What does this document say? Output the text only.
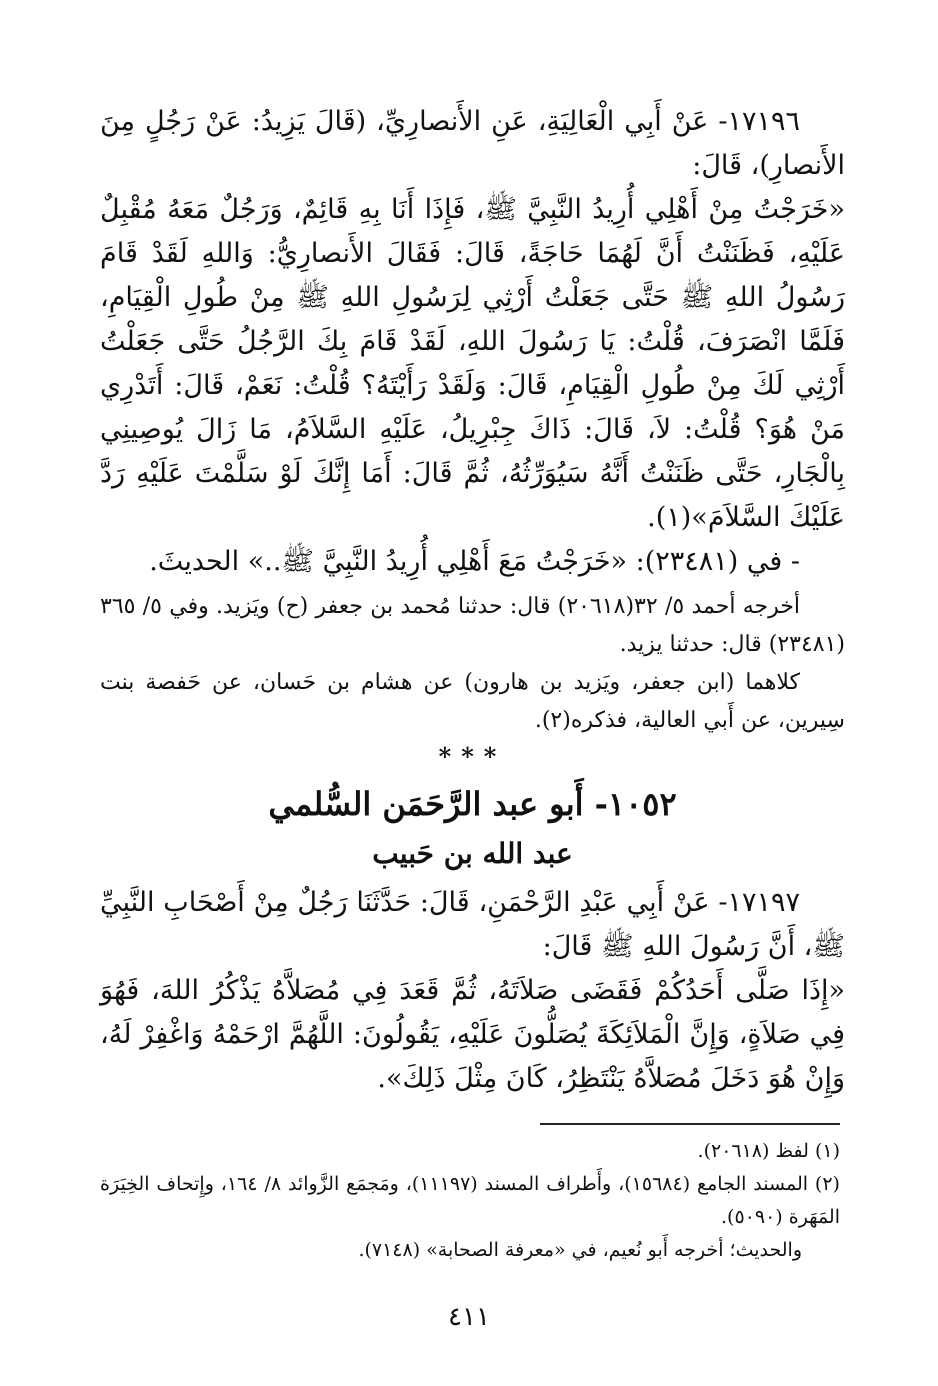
١٧١٩٦- عَنْ أَبِي الْعَالِيَةِ، عَنِ الأَنصارِيِّ، (قَالَ يَزِيدُ: عَنْ رَجُلٍ مِنَ الأَنصارِ)، قَالَ:

«خَرَجْتُ مِنْ أَهْلِي أُرِيدُ النَّبِيَّ ﷺ، فَإِذَا أَنَا بِهِ قَائِمٌ، وَرَجُلٌ مَعَهُ مُقْبِلٌ عَلَيْهِ، فَظَنَنْتُ أَنَّ لَهُمَا حَاجَةً، قَالَ: فَقَالَ الأَنصارِيُّ: وَاللهِ لَقَدْ قَامَ رَسُولُ اللهِ ﷺ حَتَّى جَعَلْتُ أَرْثِي لِرَسُولِ اللهِ ﷺ مِنْ طُولِ الْقِيَامِ، فَلَمَّا انْصَرَفَ، قُلْتُ: يَا رَسُولَ اللهِ، لَقَدْ قَامَ بِكَ الرَّجُلُ حَتَّى جَعَلْتُ أَرْثِي لَكَ مِنْ طُولِ الْقِيَامِ، قَالَ: وَلَقَدْ رَأَيْتَهُ؟ قُلْتُ: نَعَمْ، قَالَ: أَتَدْرِي مَنْ هُوَ؟ قُلْتُ: لاَ، قَالَ: ذَاكَ جِبْرِيلُ، عَلَيْهِ السَّلاَمُ، مَا زَالَ يُوصِينِي بِالْجَارِ، حَتَّى ظَنَنْتُ أَنَّهُ سَيُوَرِّثُهُ، ثُمَّ قَالَ: أَمَا إِنَّكَ لَوْ سَلَّمْتَ عَلَيْهِ رَدَّ عَلَيْكَ السَّلاَمَ»(١).

- في (٢٣٤٨١): «خَرَجْتُ مَعَ أَهْلِي أُرِيدُ النَّبِيَّ ﷺ..» الحديثَ.

أخرجه أحمد ٥/ ٣٢(٢٠٦١٨) قال: حدثنا مُحمد بن جعفر (ح) ويَزيد. وفي ٥/ ٣٦٥ (٢٣٤٨١) قال: حدثنا يزيد.

كلاهما (ابن جعفر، ويَزيد بن هارون) عن هشام بن حَسان، عن حَفصة بنت سِيرين، عن أَبي العالية، فذكره(٢).

***

١٠٥٢- أَبو عبد الرَّحَمَن السُّلمي

عبد الله بن حَبيب

١٧١٩٧- عَنْ أَبِي عَبْدِ الرَّحْمَنِ، قَالَ: حَدَّثَنَا رَجُلٌ مِنْ أَصْحَابِ النَّبِيِّ ﷺ، أَنَّ رَسُولَ اللهِ ﷺ قَالَ:

«إِذَا صَلَّى أَحَدُكُمْ فَقَضَى صَلاَتَهُ، ثُمَّ قَعَدَ فِي مُصَلاَّهُ يَذْكُرُ اللهَ، فَهُوَ فِي صَلاَةٍ، وَإِنَّ الْمَلاَئِكَةَ يُصَلُّونَ عَلَيْهِ، يَقُولُونَ: اللَّهُمَّ ارْحَمْهُ وَاغْفِرْ لَهُ، وَإِنْ هُوَ دَخَلَ مُصَلاَّهُ يَنْتَظِرُ، كَانَ مِثْلَ ذَلِكَ».

(١) لفظ (٢٠٦١٨).

(٢) المسند الجامع (١٥٦٨٤)، وأَطراف المسند (١١١٩٧)، ومَجمَع الزَّوائد ٨/ ١٦٤، وإِتحاف الخِيَرَة المَهَرة (٥٠٩٠).

والحديث؛ أخرجه أَبو نُعيم، في «معرفة الصحابة» (٧١٤٨).

٤١١
